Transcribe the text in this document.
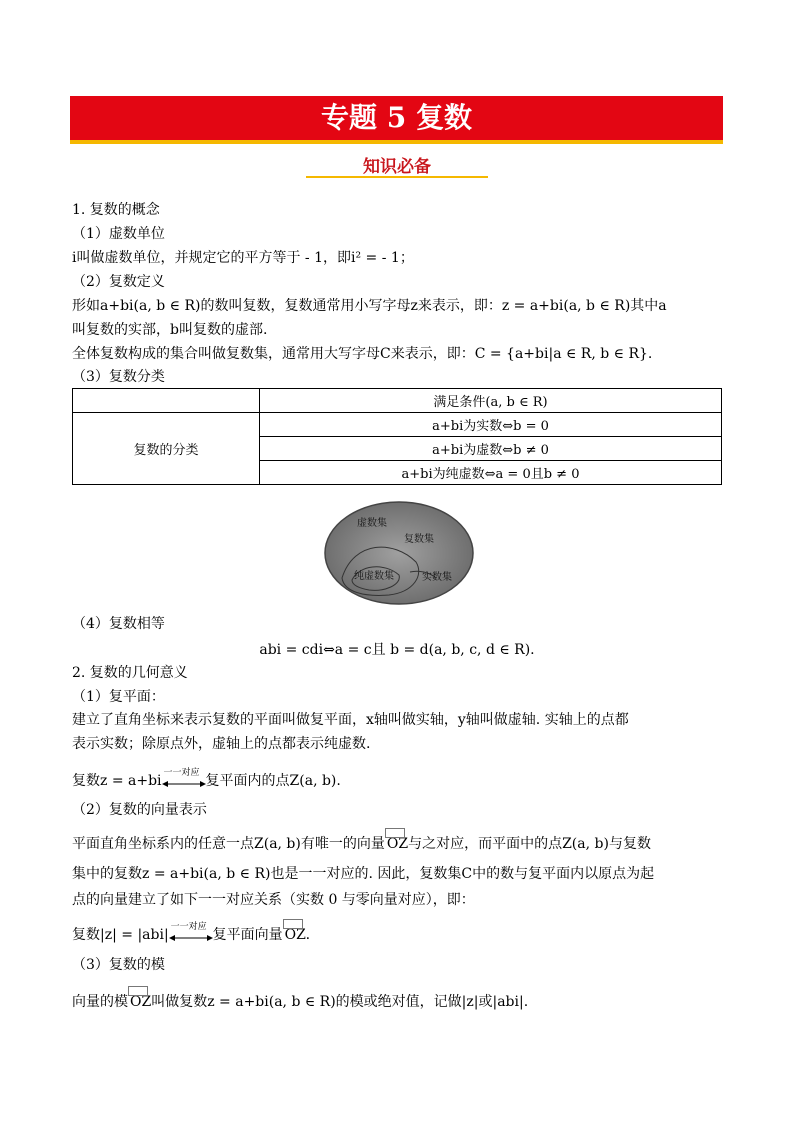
专题 5 复数
知识必备
1. 复数的概念
（1）虚数单位
i叫做虚数单位，并规定它的平方等于 - 1，即i² = - 1；
（2）复数定义
形如a+bi(a, b ∈ R)的数叫复数，复数通常用小写字母z来表示，即：z = a+bi(a, b ∈ R)其中a
叫复数的实部，b叫复数的虚部.
全体复数构成的集合叫做复数集，通常用大写字母C来表示，即：C = {a+bi|a ∈ R, b ∈ R}.
（3）复数分类
	满足条件(a, b ∈ R)
复数的分类	a+bi为实数⇔b = 0
	a+bi为虚数⇔b ≠ 0
	a+bi为纯虚数⇔a = 0且b ≠ 0
虚数集
复数集
纯虚数集	实数集
（4）复数相等
abi = cdi⇔a = c且 b = d(a, b, c, d ∈ R).
2. 复数的几何意义
（1）复平面：
建立了直角坐标来表示复数的平面叫做复平面，x轴叫做实轴，y轴叫做虚轴. 实轴上的点都
表示实数；除原点外，虚轴上的点都表示纯虚数.
复数z = a+bi 一一对应 复平面内的点Z(a, b).
（2）复数的向量表示
平面直角坐标系内的任意一点Z(a, b)有唯一的向量 OZ与之对应，而平面中的点Z(a, b)与复数
集中的复数z = a+bi(a, b ∈ R)也是一一对应的. 因此，复数集C中的数与复平面内以原点为起
点的向量建立了如下一一对应关系（实数 0 与零向量对应），即：
复数|z| = |abi| 一一对应 复平面向量 OZ.
（3）复数的模
向量的模 OZ叫做复数z = a+bi(a, b ∈ R)的模或绝对值，记做|z|或|abi|.
